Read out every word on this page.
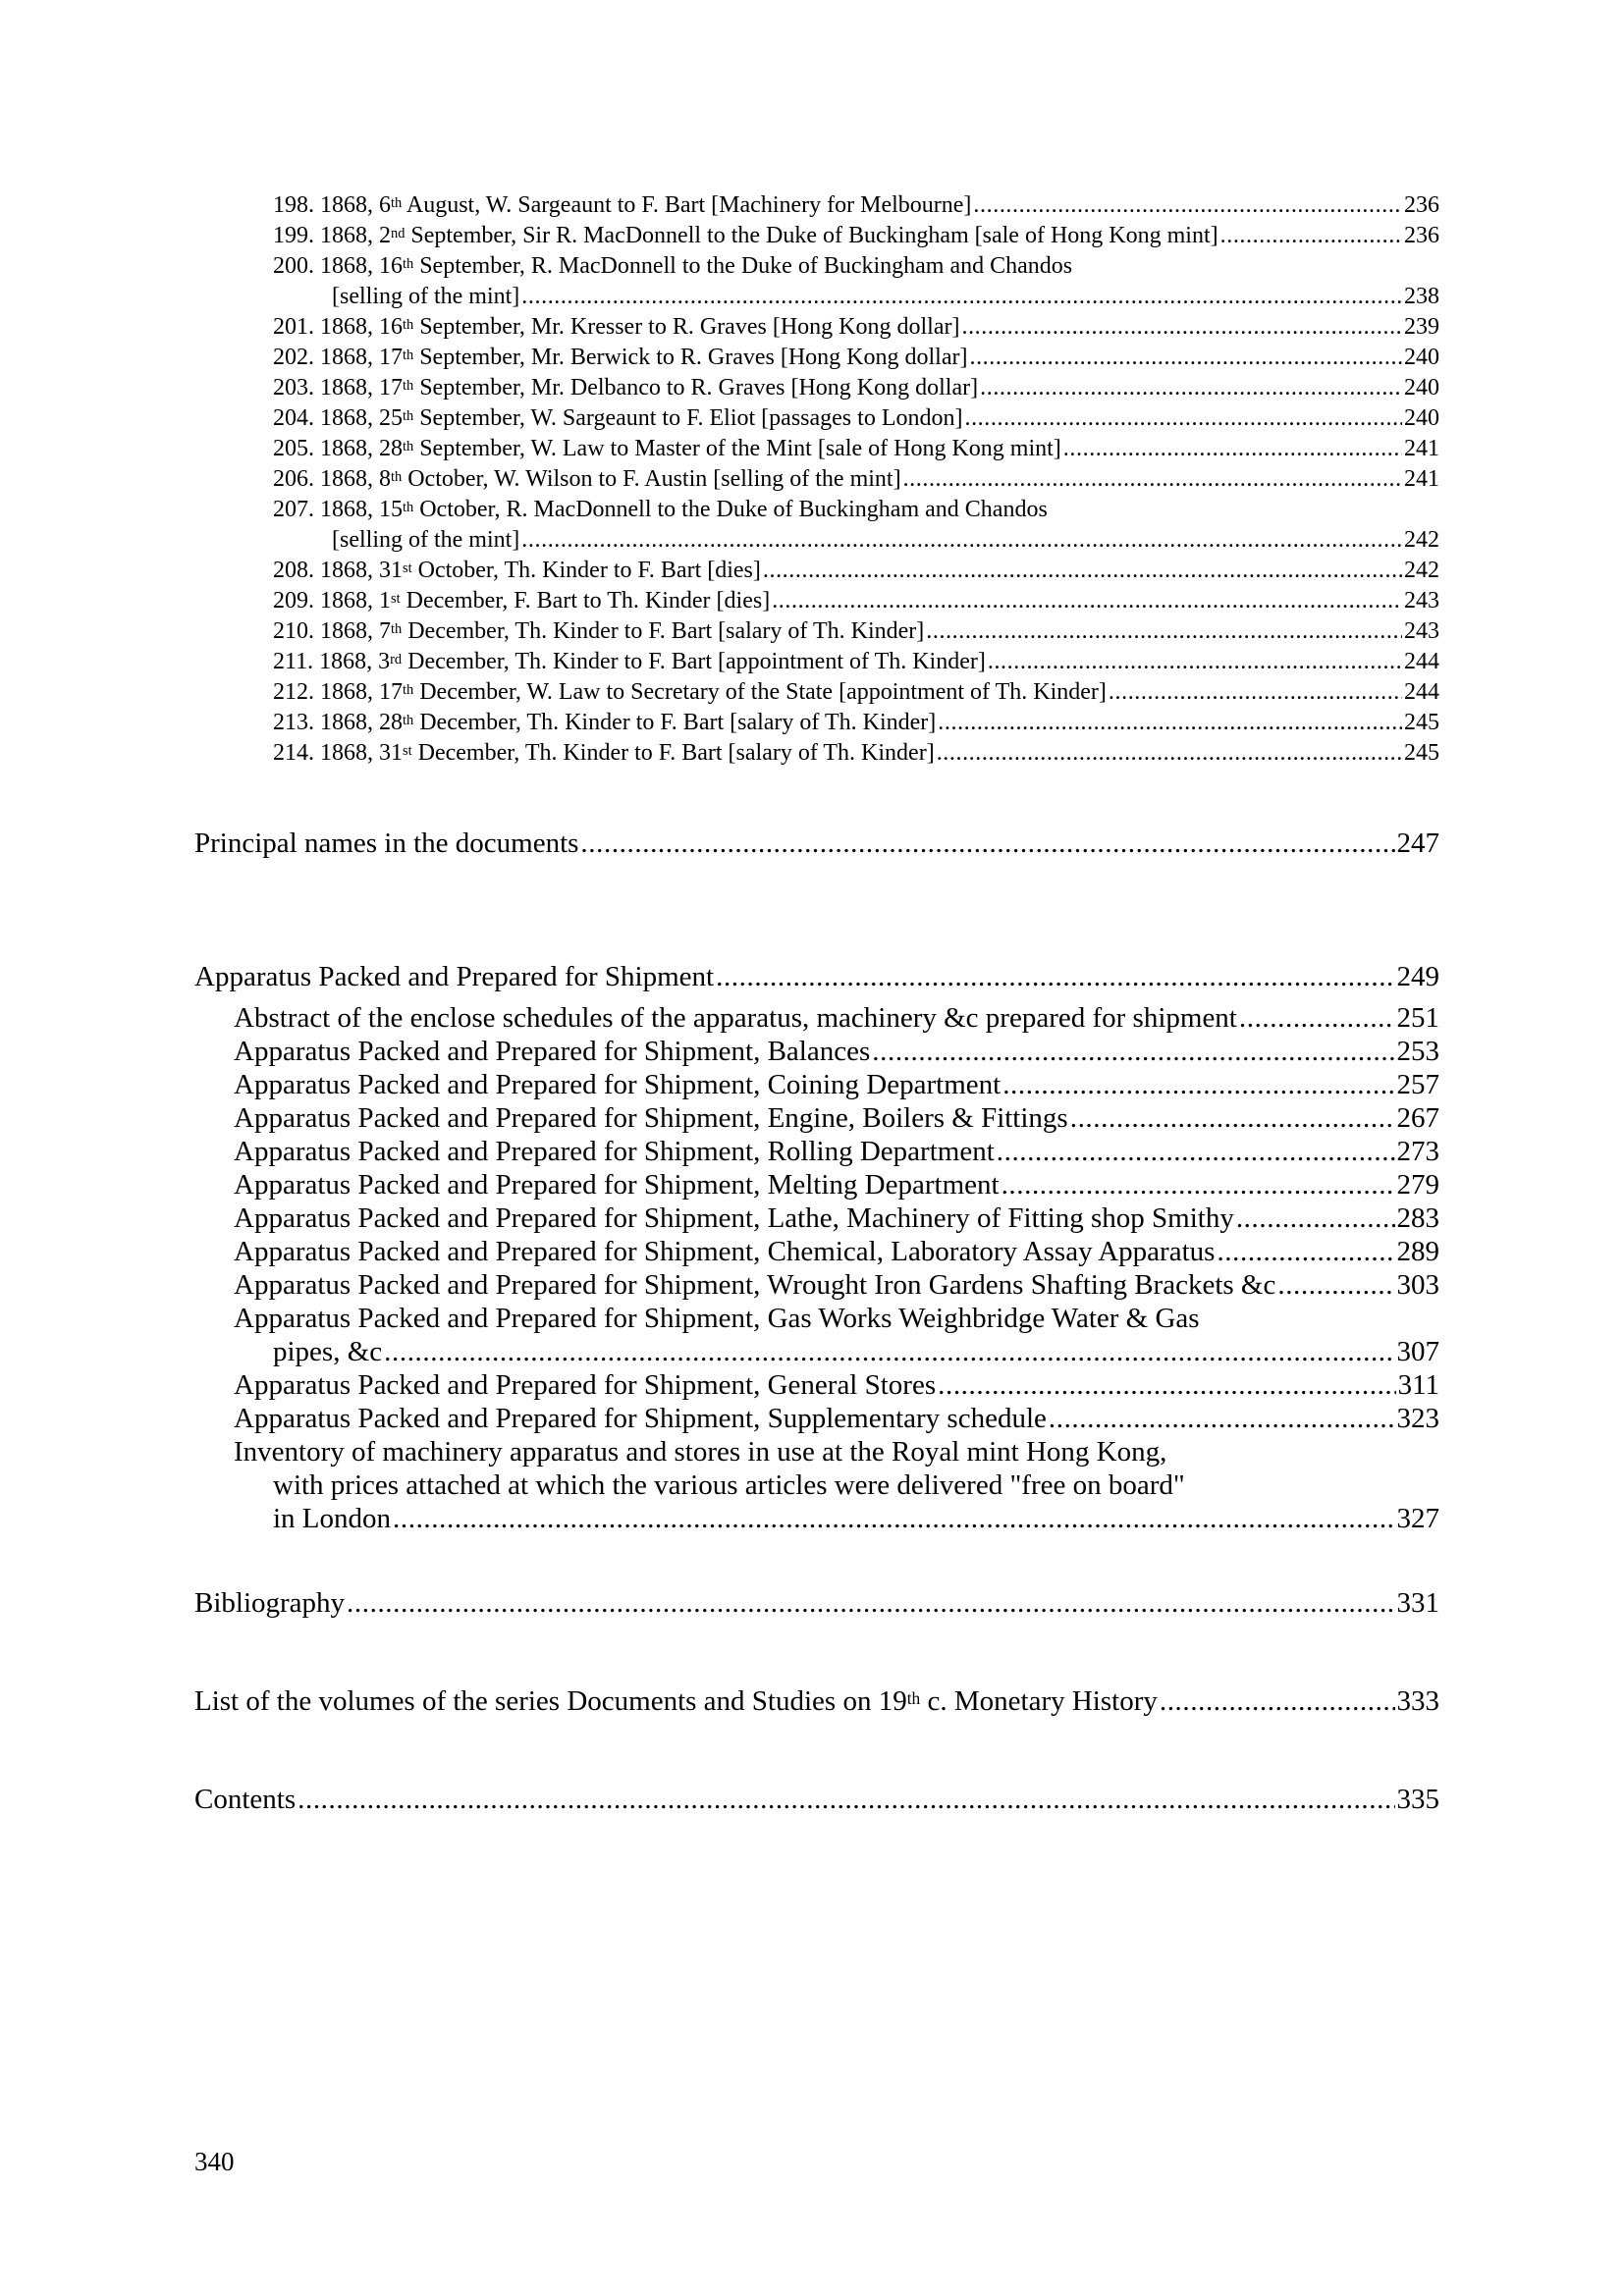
198. 1868, 6th August, W. Sargeaunt to F. Bart [Machinery for Melbourne] .....	236
199. 1868, 2nd September, Sir R. MacDonnell to the Duke of Buckingham [sale of Hong Kong mint] .....	236
200. 1868, 16th September, R. MacDonnell to the Duke of Buckingham and Chandos
[selling of the mint] .....	238
201. 1868, 16th September, Mr. Kresser to R. Graves [Hong Kong dollar] .....	239
202. 1868, 17th September, Mr. Berwick to R. Graves [Hong Kong dollar] .....	240
203. 1868, 17th September, Mr. Delbanco to R. Graves [Hong Kong dollar] .....	240
204. 1868, 25th September, W. Sargeaunt to F. Eliot [passages to London] .....	240
205. 1868, 28th September, W. Law to Master of the Mint [sale of Hong Kong mint] .....	241
206. 1868, 8th October, W. Wilson to F. Austin [selling of the mint] .....	241
207. 1868, 15th October, R. MacDonnell to the Duke of Buckingham and Chandos
[selling of the mint] .....	242
208. 1868, 31st October, Th. Kinder to F. Bart [dies] .....	242
209. 1868, 1st December, F. Bart to Th. Kinder [dies] .....	243
210. 1868, 7th December, Th. Kinder to F. Bart [salary of Th. Kinder] .....	243
211. 1868, 3rd December, Th. Kinder to F. Bart [appointment of Th. Kinder] .....	244
212. 1868, 17th December, W. Law to Secretary of the State [appointment of Th. Kinder] .....	244
213. 1868, 28th December, Th. Kinder to F. Bart [salary of Th. Kinder] .....	245
214. 1868, 31st December, Th. Kinder to F. Bart [salary of Th. Kinder] .....	245
Principal names in the documents .....	247
Apparatus Packed and Prepared for Shipment .....	249
Abstract of the enclose schedules of the apparatus, machinery &c prepared for shipment .....	251
Apparatus Packed and Prepared for Shipment, Balances .....	253
Apparatus Packed and Prepared for Shipment, Coining Department .....	257
Apparatus Packed and Prepared for Shipment, Engine, Boilers & Fittings .....	267
Apparatus Packed and Prepared for Shipment, Rolling Department .....	273
Apparatus Packed and Prepared for Shipment, Melting Department .....	279
Apparatus Packed and Prepared for Shipment, Lathe, Machinery of Fitting shop Smithy .....	283
Apparatus Packed and Prepared for Shipment, Chemical, Laboratory Assay Apparatus .....	289
Apparatus Packed and Prepared for Shipment, Wrought Iron Gardens Shafting Brackets &c .....	303
Apparatus Packed and Prepared for Shipment, Gas Works Weighbridge Water & Gas
pipes, &c .....	307
Apparatus Packed and Prepared for Shipment, General Stores .....	311
Apparatus Packed and Prepared for Shipment, Supplementary schedule .....	323
Inventory of machinery apparatus and stores in use at the Royal mint Hong Kong,
with prices attached at which the various articles were delivered "free on board"
in London .....	327
Bibliography .....	331
List of the volumes of the series Documents and Studies on 19th c. Monetary History .....	333
Contents .....	335
340
